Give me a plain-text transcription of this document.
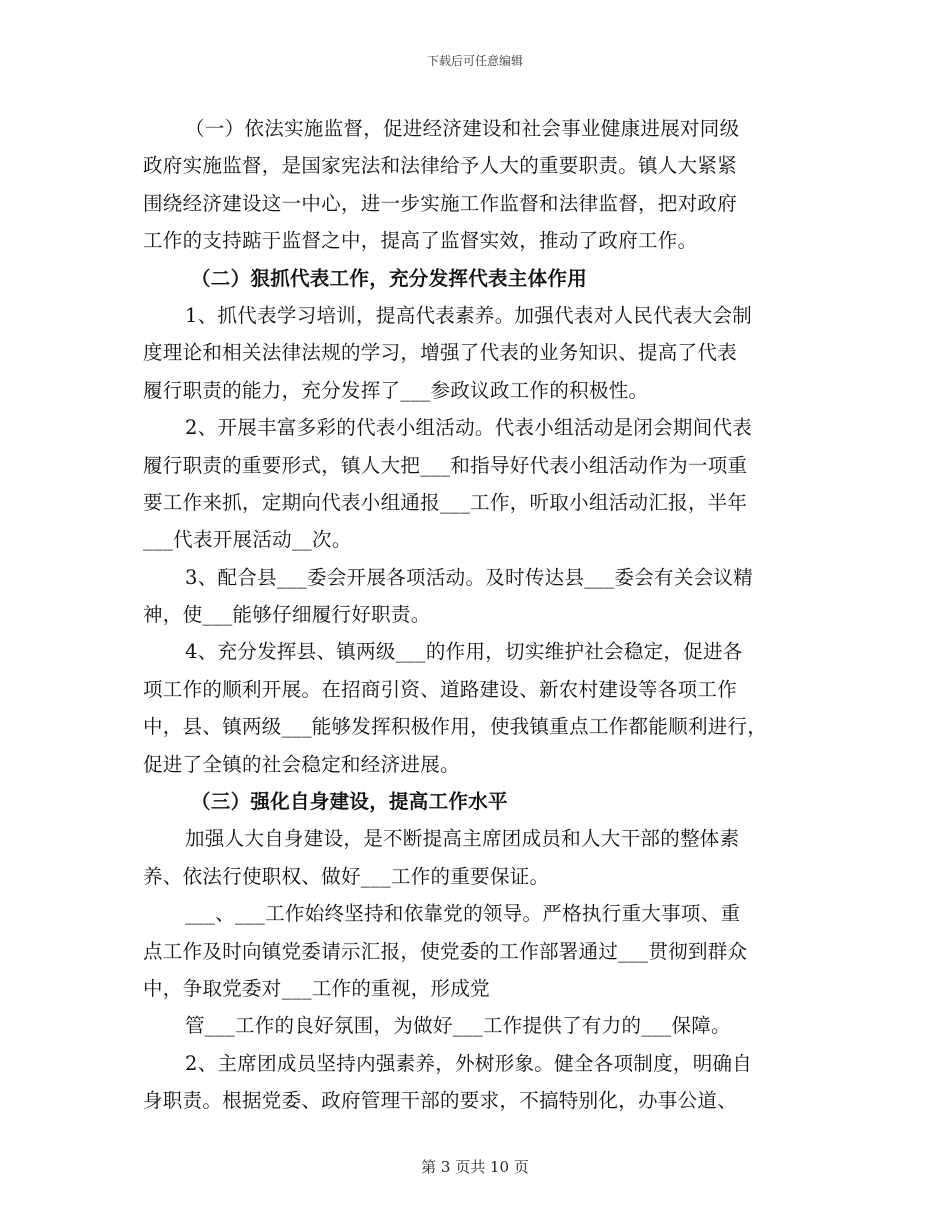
下载后可任意编辑
（一）依法实施监督，促进经济建设和社会事业健康进展对同级
政府实施监督，是国家宪法和法律给予人大的重要职责。镇人大紧紧
围绕经济建设这一中心，进一步实施工作监督和法律监督，把对政府
工作的支持踮于监督之中，提高了监督实效，推动了政府工作。
（二）狠抓代表工作，充分发挥代表主体作用
1、抓代表学习培训，提高代表素养。加强代表对人民代表大会制
度理论和相关法律法规的学习，增强了代表的业务知识、提高了代表
履行职责的能力，充分发挥了___参政议政工作的积极性。
2、开展丰富多彩的代表小组活动。代表小组活动是闭会期间代表
履行职责的重要形式，镇人大把___和指导好代表小组活动作为一项重
要工作来抓，定期向代表小组通报___工作，听取小组活动汇报，半年
___代表开展活动__次。
3、配合县___委会开展各项活动。及时传达县___委会有关会议精
神，使___能够仔细履行好职责。
4、充分发挥县、镇两级___的作用，切实维护社会稳定，促进各
项工作的顺利开展。在招商引资、道路建设、新农村建设等各项工作
中，县、镇两级___能够发挥积极作用，使我镇重点工作都能顺利进行，
促进了全镇的社会稳定和经济进展。
（三）强化自身建设，提高工作水平
加强人大自身建设，是不断提高主席团成员和人大干部的整体素
养、依法行使职权、做好___工作的重要保证。
___、___工作始终坚持和依靠党的领导。严格执行重大事项、重
点工作及时向镇党委请示汇报，使党委的工作部署通过___贯彻到群众
中，争取党委对___工作的重视，形成党
管___工作的良好氛围，为做好___工作提供了有力的___保障。
2、主席团成员坚持内强素养，外树形象。健全各项制度，明确自
身职责。根据党委、政府管理干部的要求，不搞特别化，办事公道、
第 3 页共 10 页
